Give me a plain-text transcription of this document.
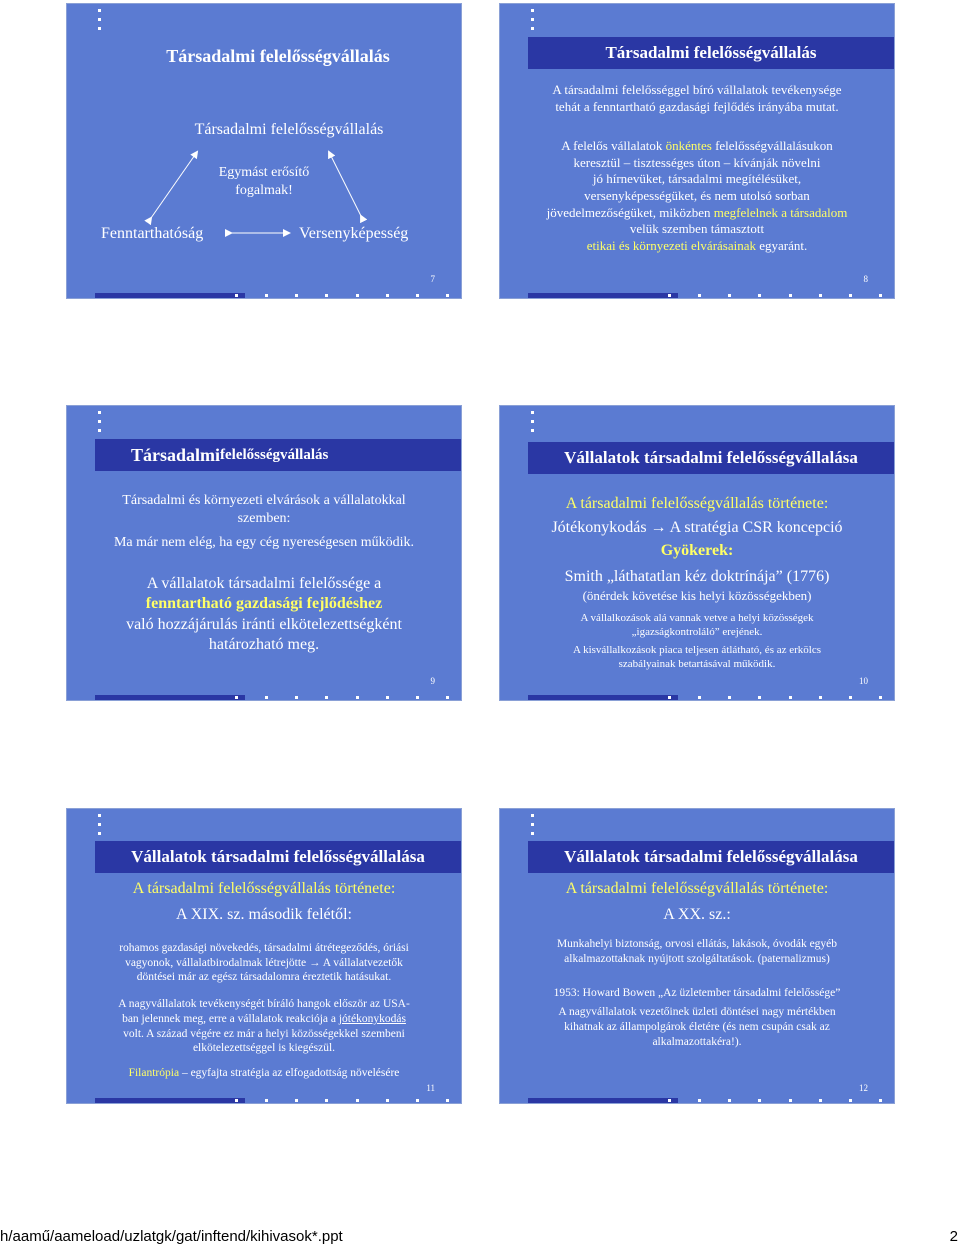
Társadalmi felelősségvállalás
Társadalmi felelősségvállalás
Egymást erősítő
fogalmak!
Fenntarthatóság	Versenyképesség
7
Társadalmi felelősségvállalás
A társadalmi felelősséggel bíró vállalatok tevékenysége
tehát a fenntartható gazdasági fejlődés irányába mutat.
A felelős vállalatok önkéntes felelősségvállalásukon
keresztül – tisztességes úton – kívánják növelni
jó hírnevüket, társadalmi megítélésüket,
versenyképességüket, és nem utolsó sorban
jövedelmezőségüket, miközben megfelelnek a társadalom
velük szemben támasztott
etikai és környezeti elvárásainak egyaránt.
8
Társadalmi felelősségvállalás
Társadalmi és környezeti elvárások a vállalatokkal
szemben:
Ma már nem elég, ha egy cég nyereségesen működik.
A vállalatok társadalmi felelőssége a
fenntartható gazdasági fejlődéshez
való hozzájárulás iránti elkötelezettségként
határozható meg.
9
Vállalatok társadalmi felelősségvállalása
A társadalmi felelősségvállalás története:
Jótékonykodás → A stratégia CSR koncepció
Gyökerek:
Smith „láthatatlan kéz doktrínája” (1776)
(önérdek követése kis helyi közösségekben)
A vállalkozások alá vannak vetve a helyi közösségek
„igazságkontroláló” erejének.
A kisvállalkozások piaca teljesen átlátható, és az erkölcs
szabályainak betartásával működik.
10
Vállalatok társadalmi felelősségvállalása
A társadalmi felelősségvállalás története:
A XIX. sz. második felétől:
rohamos gazdasági növekedés, társadalmi átrétegeződés, óriási
vagyonok, vállalatbirodalmak létrejötte → A vállalatvezetők
döntései már az egész társadalomra éreztetik hatásukat.
A nagyvállalatok tevékenységét bíráló hangok először az USA-
ban jelennek meg, erre a vállalatok reakciója a jótékonykodás
volt. A század végére ez már a helyi közösségekkel szembeni
elkötelezettséggel is kiegészül.
Filantrópia – egyfajta stratégia az elfogadottság növelésére
11
Vállalatok társadalmi felelősségvállalása
A társadalmi felelősségvállalás története:
A XX. sz.:
Munkahelyi biztonság, orvosi ellátás, lakások, óvodák egyéb
alkalmazottaknak nyújtott szolgáltatások. (paternalizmus)
1953: Howard Bowen „Az üzletember társadalmi felelőssége”
A nagyvállalatok vezetőinek üzleti döntései nagy mértékben
kihatnak az állampolgárok életére (és nem csupán csak az
alkalmazottakéra!).
12
h/aamű/aameload/uzlatgk/gat/inftend/kihivasok*.ppt	2
